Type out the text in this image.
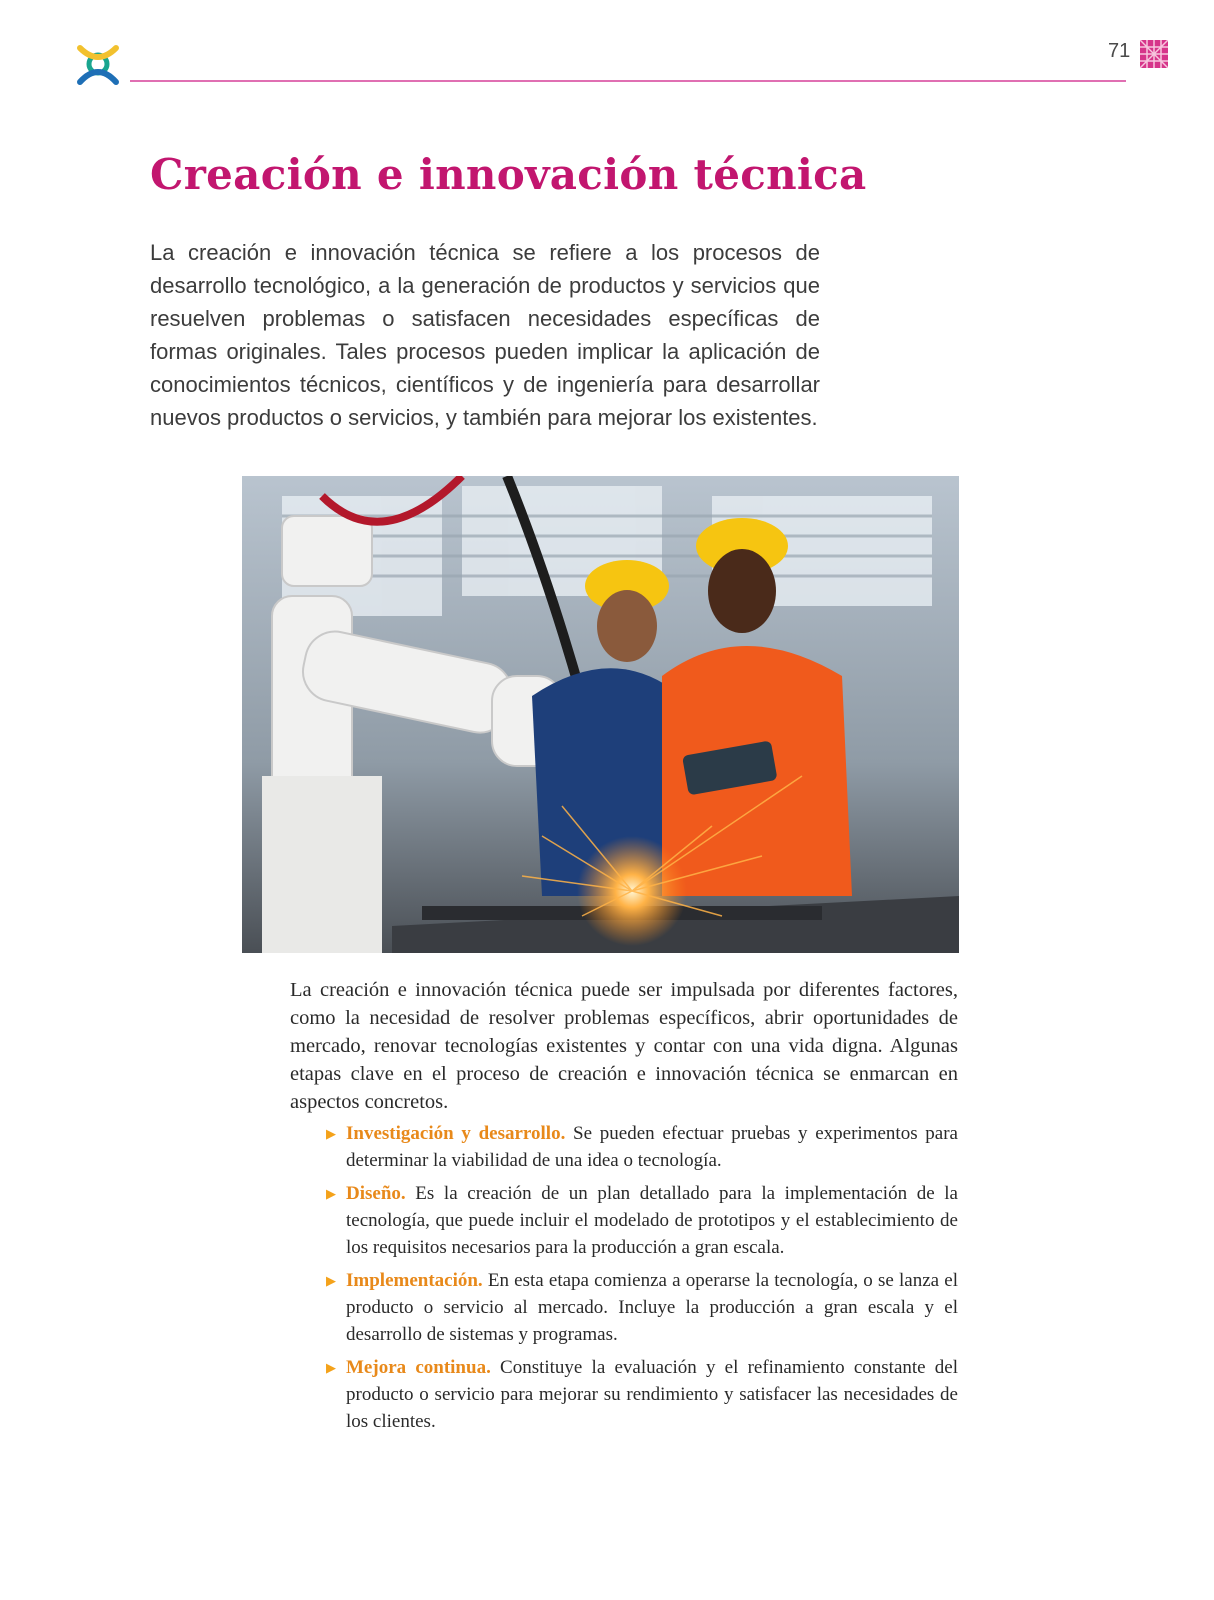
71
Creación e innovación técnica

La creación e innovación técnica se refiere a los procesos de desarrollo tecnológico, a la generación de productos y servicios que resuelven problemas o satisfacen necesidades específicas de formas originales. Tales procesos pueden implicar la aplicación de conocimientos técnicos, científicos y de ingeniería para desarrollar nuevos productos o servicios, y también para mejorar los existentes.

La creación e innovación técnica puede ser impulsada por diferentes factores, como la necesidad de resolver problemas específicos, abrir oportunidades de mercado, renovar tecnologías existentes y contar con una vida digna. Algunas etapas clave en el proceso de creación e innovación técnica se enmarcan en aspectos concretos.

▶ Investigación y desarrollo. Se pueden efectuar pruebas y experimentos para determinar la viabilidad de una idea o tecnología.
▶ Diseño. Es la creación de un plan detallado para la implementación de la tecnología, que puede incluir el modelado de prototipos y el establecimiento de los requisitos necesarios para la producción a gran escala.
▶ Implementación. En esta etapa comienza a operarse la tecnología, o se lanza el producto o servicio al mercado. Incluye la producción a gran escala y el desarrollo de sistemas y programas.
▶ Mejora continua. Constituye la evaluación y el refinamiento constante del producto o servicio para mejorar su rendimiento y satisfacer las necesidades de los clientes.
